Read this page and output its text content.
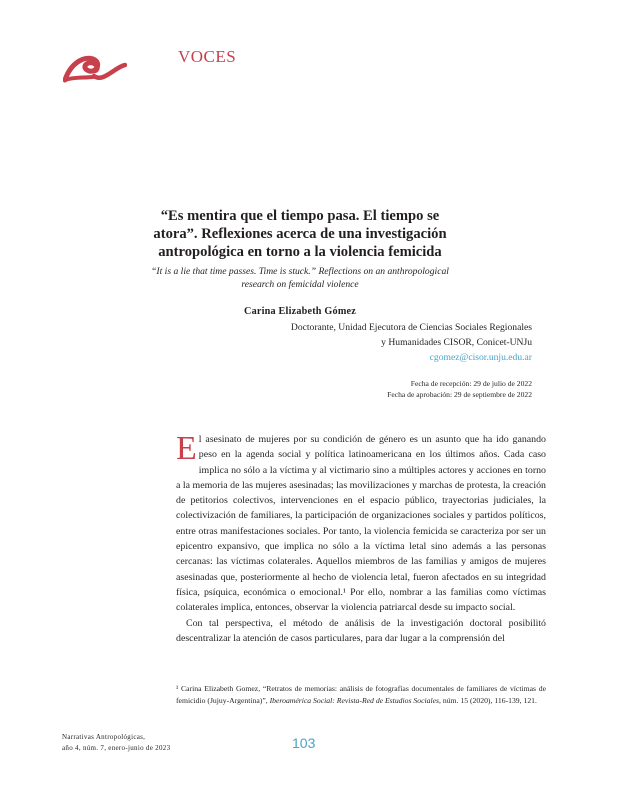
VOCES
“Es mentira que el tiempo pasa. El tiempo se atora”. Reflexiones acerca de una investigación antropológica en torno a la violencia femicida

“It is a lie that time passes. Time is stuck.” Reflections on an anthropological research on femicidal violence

Carina Elizabeth Gómez

Doctorante, Unidad Ejecutora de Ciencias Sociales Regionales
y Humanidades CISOR, Conicet-UNJu
cgomez@cisor.unju.edu.ar

Fecha de recepción: 29 de julio de 2022
Fecha de aprobación: 29 de septiembre de 2022

El asesinato de mujeres por su condición de género es un asunto que ha ido ganando peso en la agenda social y política latinoamericana en los últimos años. Cada caso implica no sólo a la víctima y al victimario sino a múltiples actores y acciones en torno a la memoria de las mujeres asesinadas; las movilizaciones y marchas de protesta, la creación de petitorios colectivos, intervenciones en el espacio público, trayectorias judiciales, la colectivización de familiares, la participación de organizaciones sociales y partidos políticos, entre otras manifestaciones sociales. Por tanto, la violencia femicida se caracteriza por ser un epicentro expansivo, que implica no sólo a la víctima letal sino además a las personas cercanas: las víctimas colaterales. Aquellos miembros de las familias y amigos de mujeres asesinadas que, posteriormente al hecho de violencia letal, fueron afectados en su integridad física, psíquica, económica o emocional.¹ Por ello, nombrar a las familias como víctimas colaterales implica, entonces, observar la violencia patriarcal desde su impacto social.

Con tal perspectiva, el método de análisis de la investigación doctoral posibilitó descentralizar la atención de casos particulares, para dar lugar a la comprensión del

¹ Carina Elizabeth Gomez, “Retratos de memorias: análisis de fotografías documentales de familiares de víctimas de femicidio (Jujuy-Argentina)”, Iberoamérica Social: Revista-Red de Estudios Sociales, núm. 15 (2020), 116-139, 121.

Narrativas Antropológicas,
año 4, núm. 7, enero-junio de 2023	103
